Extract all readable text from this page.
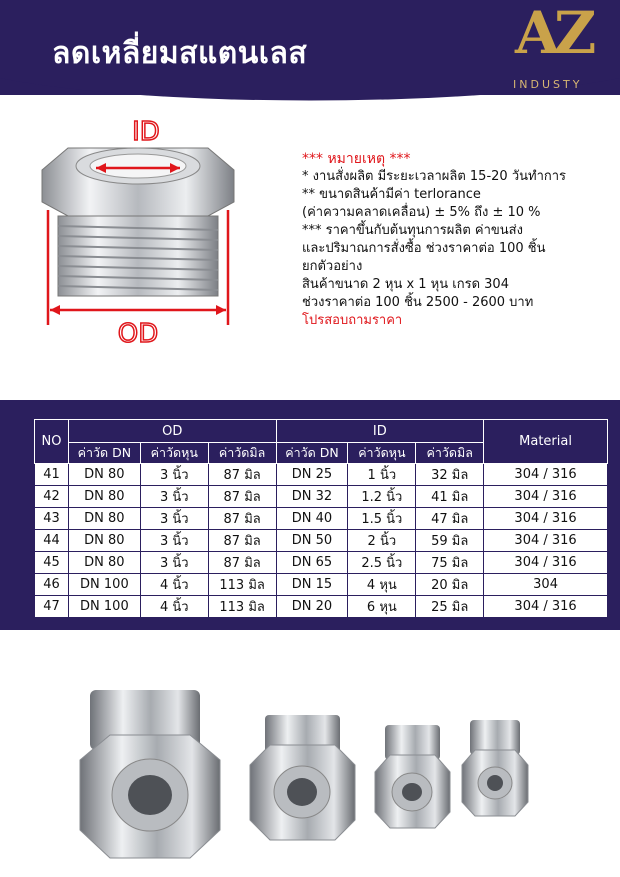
ลดเหลี่ยมสแตนเลส	AZ
INDUSTY
ID
OD
*** หมายเหตุ ***
* งานสั่งผลิต มีระยะเวลาผลิต 15-20 วันทำการ
** ขนาดสินค้ามีค่า terlorance
(ค่าความคลาดเคลื่อน) ± 5% ถึง ± 10 %
*** ราคาขึ้นกับต้นทุนการผลิต ค่าขนส่ง
และปริมาณการสั่งซื้อ ช่วงราคาต่อ 100 ชิ้น
ยกตัวอย่าง
สินค้าขนาด 2 หุน x 1 หุน เกรด 304
ช่วงราคาต่อ 100 ชิ้น 2500 - 2600 บาท
โปรสอบถามราคา
NO	OD			ID			Material
	ค่าวัด DN	ค่าวัดหุน	ค่าวัดมิล	ค่าวัด DN	ค่าวัดหุน	ค่าวัดมิล	
41	DN 80	3 นิ้ว	87 มิล	DN 25	1 นิ้ว	32 มิล	304 / 316
42	DN 80	3 นิ้ว	87 มิล	DN 32	1.2 นิ้ว	41 มิล	304 / 316
43	DN 80	3 นิ้ว	87 มิล	DN 40	1.5 นิ้ว	47 มิล	304 / 316
44	DN 80	3 นิ้ว	87 มิล	DN 50	2 นิ้ว	59 มิล	304 / 316
45	DN 80	3 นิ้ว	87 มิล	DN 65	2.5 นิ้ว	75 มิล	304 / 316
46	DN 100	4 นิ้ว	113 มิล	DN 15	4 หุน	20 มิล	304
47	DN 100	4 นิ้ว	113 มิล	DN 20	6 หุน	25 มิล	304 / 316
